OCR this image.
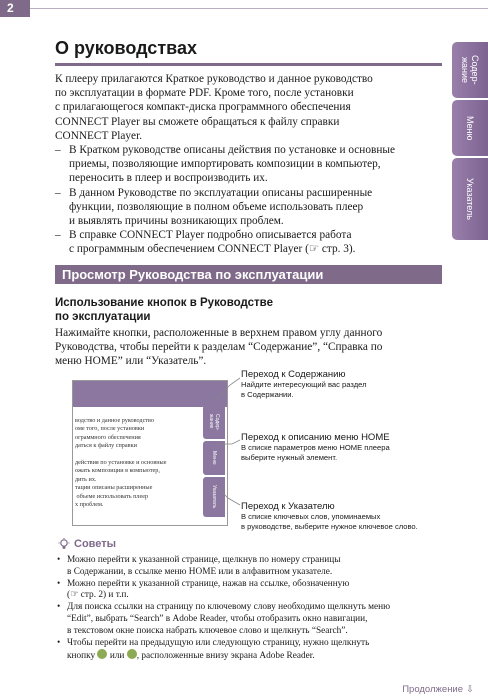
2
Содер-
жание
Меню
Указатель
О руководствах

К плееру прилагаются Краткое руководство и данное руководство

по эксплуатации в формате PDF. Кроме того, после установки

с прилагающегося компакт-диска программного обеспечения

CONNECT Player вы сможете обращаться к файлу справки

CONNECT Player.

– В Кратком руководстве описаны действия по установке и основные

приемы, позволяющие импортировать композиции в компьютер,

переносить в плеер и воспроизводить их.

– В данном Руководстве по эксплуатации описаны расширенные

функции, позволяющие в полном объеме использовать плеер

и выявлять причины возникающих проблем.

– В справке CONNECT Player подробно описывается работа

с программным обеспечением CONNECT Player (☞ стр. 3).

Просмотр Руководства по эксплуатации
Использование кнопок в Руководстве
по эксплуатации

Нажимайте кнопки, расположенные в верхнем правом углу данного

Руководства, чтобы перейти к разделам “Содержание”, “Справка по

меню HOME” или “Указатель”.

водство и данное руководство
оме того, после установки
ограммного обеспечения
даться к файлу справки

действия по установке и основные
ожать композиции в компьютер,
дить их.
тации описаны расширенные
объеме использовать плеер
х проблем.
Содер-
жание
Меню
Указатель
Переход к Содержанию
Найдите интересующий вас раздел
в Содержании.
Переход к описанию меню HOME
В списке параметров меню HOME плеера
выберите нужный элемент.
Переход к Указателю
В списке ключевых слов, упоминаемых
в руководстве, выберите нужное ключевое слово.
Советы
• Можно перейти к указанной странице, щелкнув по номеру страницы
в Содержании, в ссылке меню HOME или в алфавитном указателе.
• Можно перейти к указанной странице, нажав на ссылке, обозначенную
(☞ стр. 2) и т.п.
• Для поиска ссылки на страницу по ключевому слову необходимо щелкнуть меню
“Edit”, выбрать “Search” в Adobe Reader, чтобы отобразить окно навигации,
в текстовом окне поиска набрать ключевое слово и щелкнуть “Search”.
• Чтобы перейти на предыдущую или следующую страницу, нужно щелкнуть
кнопку или , расположенные внизу экрана Adobe Reader.
Продолжение ⇩
